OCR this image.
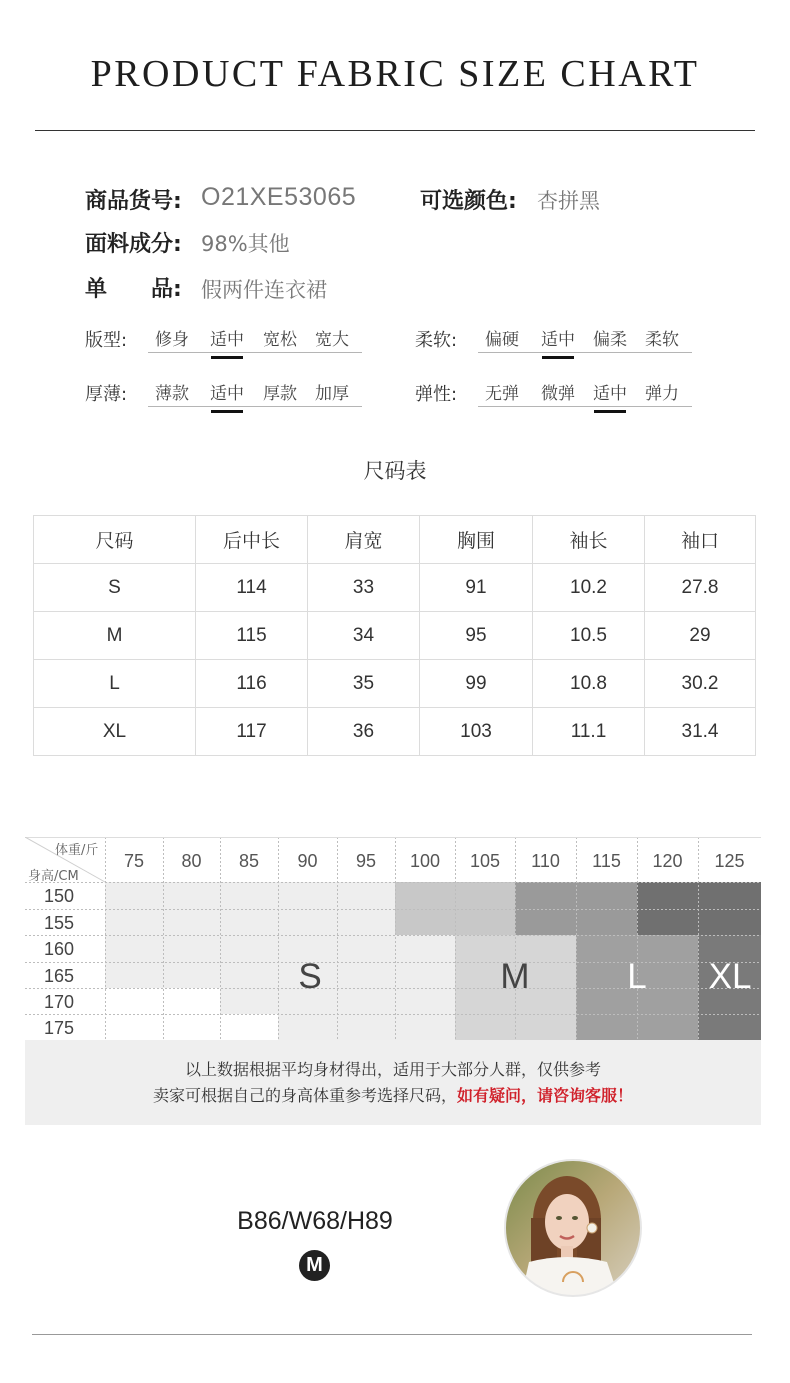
PRODUCT FABRIC SIZE CHART
商品货号: O21XE53065	可选颜色: 杏拼黑
面料成分: 98%其他
单　　品: 假两件连衣裙
版型:	修身	适中	宽松	宽大	柔软:	偏硬	适中	偏柔	柔软
厚薄:	薄款	适中	厚款	加厚	弹性:	无弹	微弹	适中	弹力
尺码表
尺码	后中长	肩宽	胸围	袖长	袖口
S	114	33	91	10.2	27.8
M	115	34	95	10.5	29
L	116	35	99	10.8	30.2
XL	117	36	103	11.1	31.4
体重/斤
身高/CM
75	80	85	90	95	100	105	110	115	120	125
150
155
160
165
170
175
S	M	L	XL
以上数据根据平均身材得出，适用于大部分人群，仅供参考
卖家可根据自己的身高体重参考选择尺码，如有疑问，请咨询客服！
B86/W68/H89
M
